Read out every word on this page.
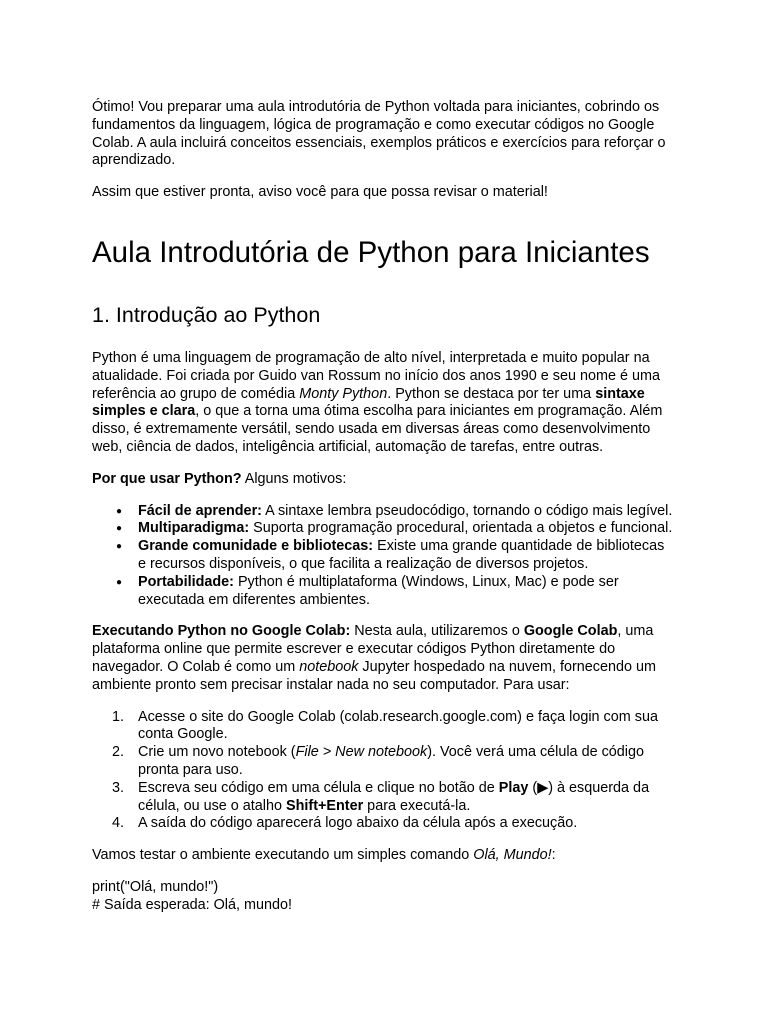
Ótimo! Vou preparar uma aula introdutória de Python voltada para iniciantes, cobrindo os fundamentos da linguagem, lógica de programação e como executar códigos no Google Colab. A aula incluirá conceitos essenciais, exemplos práticos e exercícios para reforçar o aprendizado.

Assim que estiver pronta, aviso você para que possa revisar o material!

Aula Introdutória de Python para Iniciantes
1. Introdução ao Python

Python é uma linguagem de programação de alto nível, interpretada e muito popular na atualidade. Foi criada por Guido van Rossum no início dos anos 1990 e seu nome é uma referência ao grupo de comédia Monty Python. Python se destaca por ter uma sintaxe simples e clara, o que a torna uma ótima escolha para iniciantes em programação. Além disso, é extremamente versátil, sendo usada em diversas áreas como desenvolvimento web, ciência de dados, inteligência artificial, automação de tarefas, entre outras.

Por que usar Python? Alguns motivos:

● Fácil de aprender: A sintaxe lembra pseudocódigo, tornando o código mais legível.
● Multiparadigma: Suporta programação procedural, orientada a objetos e funcional.
● Grande comunidade e bibliotecas: Existe uma grande quantidade de bibliotecas e recursos disponíveis, o que facilita a realização de diversos projetos.
● Portabilidade: Python é multiplataforma (Windows, Linux, Mac) e pode ser executada em diferentes ambientes.

Executando Python no Google Colab: Nesta aula, utilizaremos o Google Colab, uma plataforma online que permite escrever e executar códigos Python diretamente do navegador. O Colab é como um notebook Jupyter hospedado na nuvem, fornecendo um ambiente pronto sem precisar instalar nada no seu computador. Para usar:

1. Acesse o site do Google Colab (colab.research.google.com) e faça login com sua conta Google.
2. Crie um novo notebook (File > New notebook). Você verá uma célula de código pronta para uso.
3. Escreva seu código em uma célula e clique no botão de Play (▶) à esquerda da célula, ou use o atalho Shift+Enter para executá-la.
4. A saída do código aparecerá logo abaixo da célula após a execução.

Vamos testar o ambiente executando um simples comando Olá, Mundo!:

print("Olá, mundo!")

# Saída esperada: Olá, mundo!
